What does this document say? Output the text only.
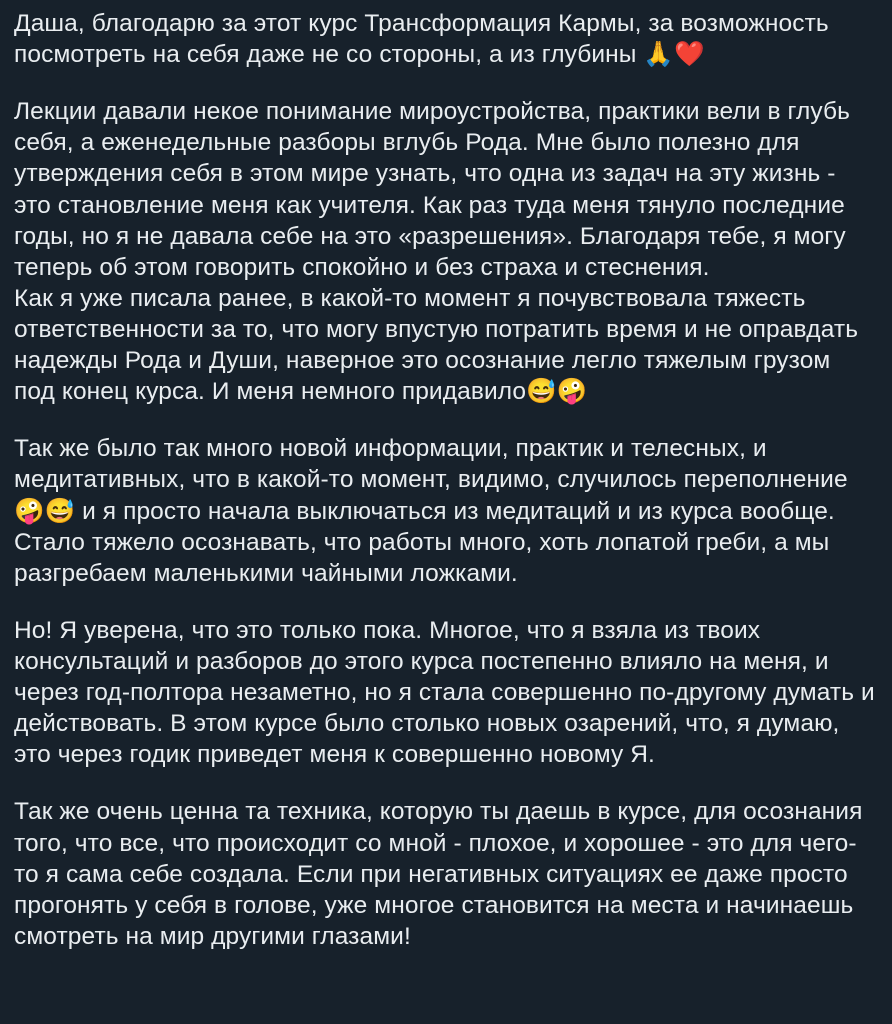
Даша, благодарю за этот курс Трансформация Кармы, за возможность посмотреть на себя даже не со стороны, а из глубины 🙏❤️

Лекции давали некое понимание мироустройства, практики вели в глубь себя, а еженедельные разборы вглубь Рода. Мне было полезно для утверждения себя в этом мире узнать, что одна из задач на эту жизнь - это становление меня как учителя. Как раз туда меня тянуло последние годы, но я не давала себе на это «разрешения». Благодаря тебе, я могу теперь об этом говорить спокойно и без страха и стеснения.

Как я уже писала ранее, в какой-то момент я почувствовала тяжесть ответственности за то, что могу впустую потратить время и не оправдать надежды Рода и Души, наверное это осознание легло тяжелым грузом под конец курса. И меня немного придавило😅🤪

Так же было так много новой информации, практик и телесных, и медитативных, что в какой-то момент, видимо, случилось переполнение🤪😅 и я просто начала выключаться из медитаций и из курса вообще.  Стало тяжело осознавать, что работы много, хоть лопатой греби, а мы разгребаем маленькими чайными ложками.

Но! Я уверена, что это только пока. Многое, что я взяла из твоих консультаций и разборов до этого курса постепенно влияло на меня, и через год-полтора незаметно, но я стала совершенно по-другому думать и действовать. В этом курсе было столько новых озарений, что, я думаю, это через годик приведет меня к совершенно новому Я.

Так же очень ценна та техника, которую ты даешь в курсе, для осознания того, что все, что происходит со мной - плохое, и хорошее - это для чего-то я сама себе создала. Если при негативных ситуациях ее даже просто прогонять у себя в голове, уже многое становится на места и начинаешь смотреть на мир другими глазами!
